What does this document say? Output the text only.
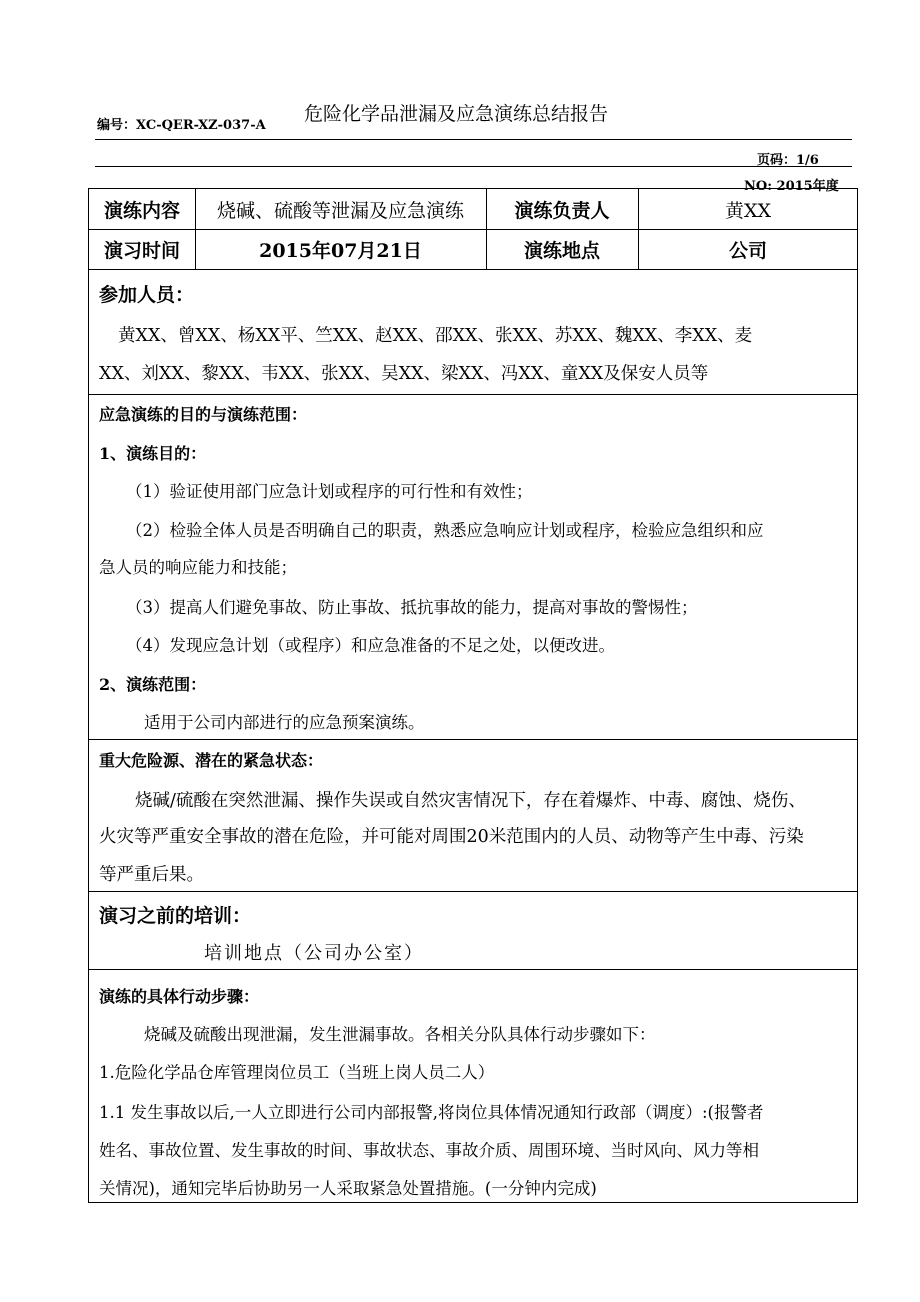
编号：XC-QER-XZ-037-A
危险化学品泄漏及应急演练总结报告
页码：1/6
NO: 2015年度
演练内容	烧碱、硫酸等泄漏及应急演练	演练负责人	黄XX
演习时间	2015年07月21日	演练地点	公司
参加人员：
黄XX、曾XX、杨XX平、竺XX、赵XX、邵XX、张XX、苏XX、魏XX、李XX、麦
XX、刘XX、黎XX、韦XX、张XX、吴XX、梁XX、冯XX、童XX及保安人员等
应急演练的目的与演练范围：
1、演练目的：
（1）验证使用部门应急计划或程序的可行性和有效性；
（2）检验全体人员是否明确自己的职责，熟悉应急响应计划或程序，检验应急组织和应
急人员的响应能力和技能；
（3）提高人们避免事故、防止事故、抵抗事故的能力，提高对事故的警惕性；
（4）发现应急计划（或程序）和应急准备的不足之处，以便改进。
2、演练范围：
适用于公司内部进行的应急预案演练。
重大危险源、潜在的紧急状态：
烧碱/硫酸在突然泄漏、操作失误或自然灾害情况下，存在着爆炸、中毒、腐蚀、烧伤、
火灾等严重安全事故的潜在危险，并可能对周围20米范围内的人员、动物等产生中毒、污染
等严重后果。
演习之前的培训：
培训地点（公司办公室）
演练的具体行动步骤：
烧碱及硫酸出现泄漏，发生泄漏事故。各相关分队具体行动步骤如下：
1.危险化学品仓库管理岗位员工（当班上岗人员二人）
1.1 发生事故以后,一人立即进行公司内部报警,将岗位具体情况通知行政部（调度）:(报警者
姓名、事故位置、发生事故的时间、事故状态、事故介质、周围环境、当时风向、风力等相
关情况)，通知完毕后协助另一人采取紧急处置措施。(一分钟内完成)
